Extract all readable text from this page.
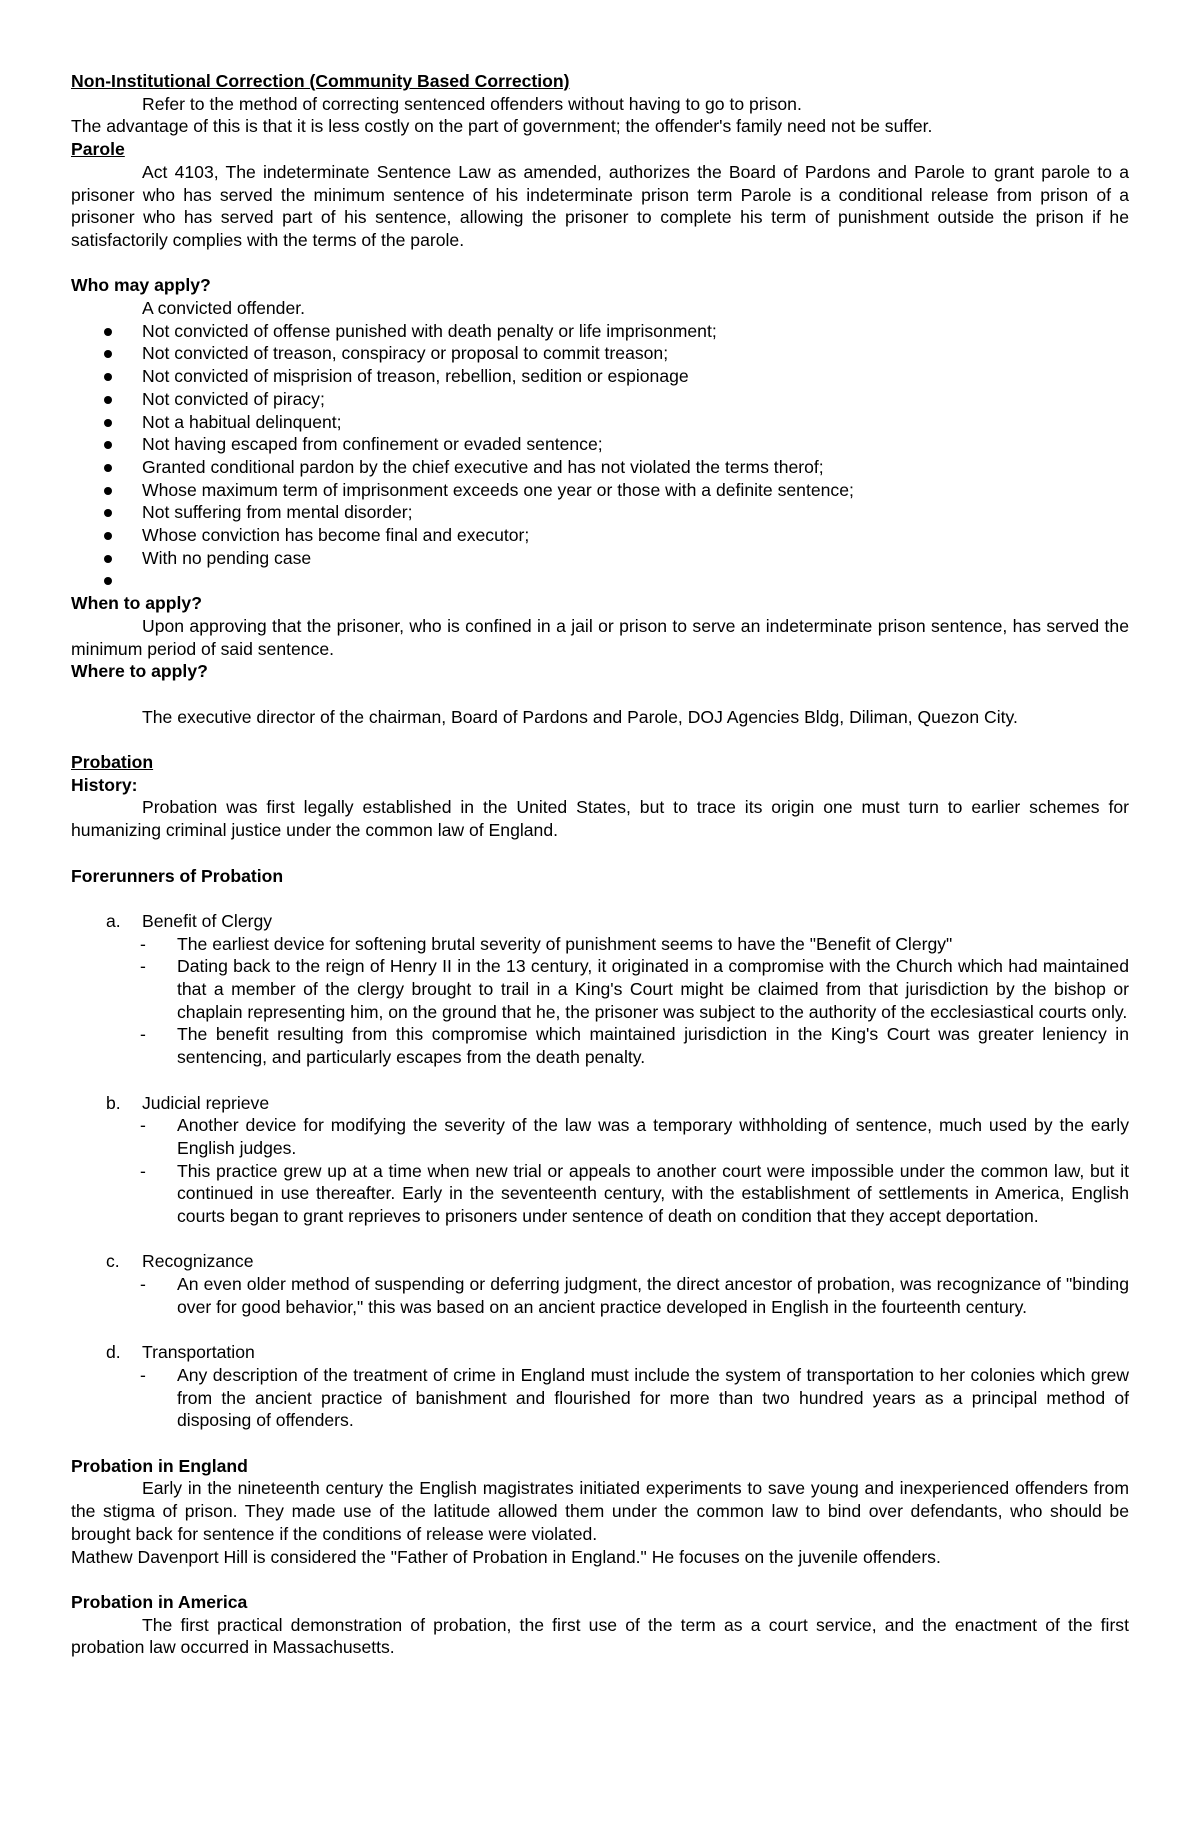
Non-Institutional Correction (Community Based Correction)

Refer to the method of correcting sentenced offenders without having to go to prison.

The advantage of this is that it is less costly on the part of government; the offender's family need not be suffer.

Parole

Act 4103, The indeterminate Sentence Law as amended, authorizes the Board of Pardons and Parole to grant parole to a prisoner who has served the minimum sentence of his indeterminate prison term Parole is a conditional release from prison of a prisoner who has served part of his sentence, allowing the prisoner to complete his term of punishment outside the prison if he satisfactorily complies with the terms of the parole.

Who may apply?

A convicted offender.

Not convicted of offense punished with death penalty or life imprisonment;
Not convicted of treason, conspiracy or proposal to commit treason;
Not convicted of misprision of treason, rebellion, sedition or espionage
Not convicted of piracy;
Not a habitual delinquent;
Not having escaped from confinement or evaded sentence;
Granted conditional pardon by the chief executive and has not violated the terms therof;
Whose maximum term of imprisonment exceeds one year or those with a definite sentence;
Not suffering from mental disorder;
Whose conviction has become final and executor;
With no pending case

When to apply?

Upon approving that the prisoner, who is confined in a jail or prison to serve an indeterminate prison sentence, has served the minimum period of said sentence.

Where to apply?

The executive director of the chairman, Board of Pardons and Parole, DOJ Agencies Bldg, Diliman, Quezon City.

Probation

History:

Probation was first legally established in the United States, but to trace its origin one must turn to earlier schemes for humanizing criminal justice under the common law of England.

Forerunners of Probation

a. Benefit of Clergy
- The earliest device for softening brutal severity of punishment seems to have the "Benefit of Clergy"
- Dating back to the reign of Henry II in the 13 century, it originated in a compromise with the Church which had maintained that a member of the clergy brought to trail in a King's Court might be claimed from that jurisdiction by the bishop or chaplain representing him, on the ground that he, the prisoner was subject to the authority of the ecclesiastical courts only.
- The benefit resulting from this compromise which maintained jurisdiction in the King's Court was greater leniency in sentencing, and particularly escapes from the death penalty.
b. Judicial reprieve
- Another device for modifying the severity of the law was a temporary withholding of sentence, much used by the early English judges.
- This practice grew up at a time when new trial or appeals to another court were impossible under the common law, but it continued in use thereafter. Early in the seventeenth century, with the establishment of settlements in America, English courts began to grant reprieves to prisoners under sentence of death on condition that they accept deportation.
c. Recognizance
- An even older method of suspending or deferring judgment, the direct ancestor of probation, was recognizance of "binding over for good behavior," this was based on an ancient practice developed in English in the fourteenth century.
d. Transportation
- Any description of the treatment of crime in England must include the system of transportation to her colonies which grew from the ancient practice of banishment and flourished for more than two hundred years as a principal method of disposing of offenders.

Probation in England

Early in the nineteenth century the English magistrates initiated experiments to save young and inexperienced offenders from the stigma of prison. They made use of the latitude allowed them under the common law to bind over defendants, who should be brought back for sentence if the conditions of release were violated.

Mathew Davenport Hill is considered the "Father of Probation in England." He focuses on the juvenile offenders.

Probation in America

The first practical demonstration of probation, the first use of the term as a court service, and the enactment of the first probation law occurred in Massachusetts.
